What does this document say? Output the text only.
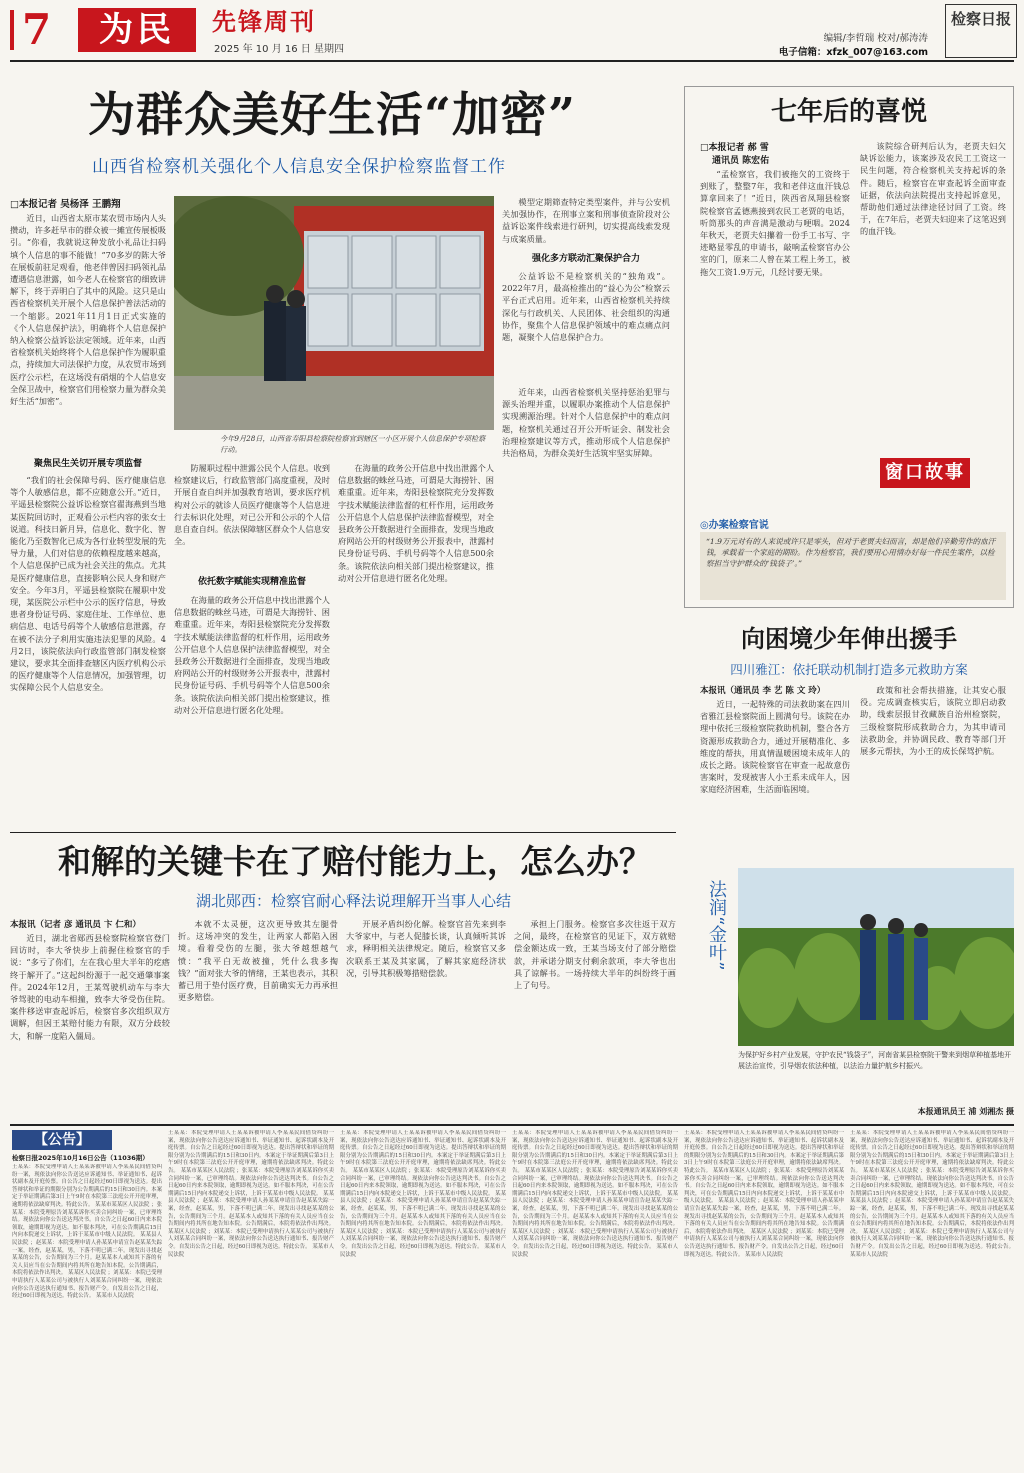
7	为民	先锋周刊
2025 年 10 月 16 日 星期四
编辑/李哲瑞 校对/郝涛涛
电子信箱：xfzk_007@163.com
检察日报
为群众美好生活“加密”
山西省检察机关强化个人信息安全保护检察监督工作
□本报记者 吴杨泽 王鹏翔

近日，山西省太原市某农贸市场内人头攒动，许多赶早市的群众被一摊宣传展板吸引。“你看，我就说这种发放小礼品让扫码填个人信息的事不能做！”70多岁的陈大爷在展板前驻足观看，他老伴曾因扫码领礼品遭遇信息泄露，如今老人在检察官的细致讲解下，终于弄明白了其中的风险。这只是山西省检察机关开展个人信息保护普法活动的一个缩影。2021年11月1日正式实施的《个人信息保护法》，明确将个人信息保护纳入检察公益诉讼法定领域。近年来，山西省检察机关始终将个人信息保护作为履职重点，持续加大司法保护力度，从农贸市场到医疗公示栏，在这场没有硝烟的个人信息安全保卫战中，检察官们用检察力量为群众美好生活“加密”。

聚焦民生关切开展专项监督

“我们的社会保障号码、医疗健康信息等个人敏感信息，都不应随意公开。”近日，平遥县检察院公益诉讼检察官翟海燕到当地某医院回访时，正观看公示栏内容的张女士说道。科技日新月异，信息化、数字化、智能化乃至数智化已成为各行业转型发展的先导力量，人们对信息的依赖程度越来越高，个人信息保护已成为社会关注的焦点。尤其是医疗健康信息，直接影响公民人身和财产安全。今年3月，平遥县检察院在履职中发现，某医院公示栏中公示的医疗信息，导致患者身份证号码、家庭住址、工作单位、患病信息、电话号码等个人敏感信息泄露，存在被不法分子利用实施违法犯罪的风险。4月2日，该院依法向行政监管部门制发检察建议，要求其全面排查辖区内医疗机构公示的医疗健康等个人信息情况，加强管理，切实保障公民个人信息安全。

今年9月28日，山西省寿阳县检察院检察官到辖区一小区开展个人信息保护专项检察行动。

防履职过程中泄露公民个人信息。收到检察建议后，行政监管部门高度重视，及时开展自查自纠并加强教育培训，要求医疗机构对公示的就诊人员医疗健康等个人信息进行去标识化处理，对已公开和公示的个人信息自查自纠。依法保障辖区群众个人信息安全。

依托数字赋能实现精准监督

在海量的政务公开信息中找出泄露个人信息数据的蛛丝马迹，可谓是大海捞针、困难重重。近年来，寿阳县检察院充分发挥数字技术赋能法律监督的杠杆作用，运用政务公开信息个人信息保护法律监督模型，对全县政务公开数据进行全面排查，发现当地政府网站公开的村级财务公开报表中，泄露村民身份证号码、手机号码等个人信息500余条。该院依法向相关部门提出检察建议，推动对公开信息进行匿名化处理。

在海量的政务公开信息中找出泄露个人信息数据的蛛丝马迹，可谓是大海捞针、困难重重。近年来，寿阳县检察院充分发挥数字技术赋能法律监督的杠杆作用，运用政务公开信息个人信息保护法律监督模型，对全县政务公开数据进行全面排查，发现当地政府网站公开的村级财务公开报表中，泄露村民身份证号码、手机号码等个人信息500余条。该院依法向相关部门提出检察建议，推动对公开信息进行匿名化处理。

模型定期筛查特定类型案件，并与公安机关加强协作，在刑事立案和刑事侦查阶段对公益诉讼案件线索进行研判，切实提高线索发现与成案质量。

强化多方联动汇聚保护合力

公益诉讼不是检察机关的“独角戏”。2022年7月，最高检推出的“益心为公”检察云平台正式启用。近年来，山西省检察机关持续深化与行政机关、人民团体、社会组织的沟通协作，聚焦个人信息保护领域中的难点痛点问题，凝聚个人信息保护合力。

近年来，山西省检察机关坚持惩治犯罪与源头治理并重，以履职办案推动个人信息保护实现溯源治理。针对个人信息保护中的难点问题，检察机关通过召开公开听证会、制发社会治理检察建议等方式，推动形成个人信息保护共治格局，为群众美好生活筑牢坚实屏障。

和解的关键卡在了赔付能力上，怎么办？
湖北郧西：检察官耐心释法说理解开当事人心结
本报讯（记者 彦 通讯员 卞 仁和）

近日，湖北省郧西县检察院检察官登门回访时，李大爷快步上前握住检察官的手说：“多亏了你们，左在我心里大半年的疙瘩终于解开了。”这起纠纷源于一起交通肇事案件。2024年12月，王某驾驶机动车与李大爷驾驶的电动车相撞，致李大爷受伤住院。案件移送审查起诉后，检察官多次组织双方调解，但因王某赔付能力有限，双方分歧较大，和解一度陷入僵局。

本就不太灵便，这次更导致其左腿骨折。这场冲突的发生，让两家人都陷入困境。看着受伤的左腿，张大爷越想越气愤：“我平白无故被撞，凭什么我多掏钱？”面对张大爷的情绪，王某也表示，其积蓄已用于垫付医疗费，目前确实无力再承担更多赔偿。

开展矛盾纠纷化解。检察官首先来到李大爷家中，与老人促膝长谈，认真倾听其诉求，释明相关法律规定。随后，检察官又多次联系王某及其家属，了解其家庭经济状况，引导其积极筹措赔偿款。

承担上门服务。检察官多次往返于双方之间，最终，在检察官的见证下，双方就赔偿金额达成一致，王某当场支付了部分赔偿款，并承诺分期支付剩余款项，李大爷也出具了谅解书。一场持续大半年的纠纷终于画上了句号。

七年后的喜悦
□本报记者 郝 雪
通讯员 陈宏佑

“孟检察官，我们被拖欠的工资终于到账了，整整7年，我和老伴这血汗钱总算拿回来了！”近日，陕西省凤翔县检察院检察官孟德燕接到农民工老贾的电话，听筒那头的声音满是激动与哽咽。2024年秋天，老贾夫妇攥着一份手工书写、字迹略显零乱的申请书，敲响孟检察官办公室的门，原来二人曾在某工程上务工，被拖欠工资1.9万元，几经讨要无果。

该院综合研判后认为，老贾夫妇欠缺诉讼能力，该案涉及农民工工资这一民生问题，符合检察机关支持起诉的条件。随后，检察官在审查起诉全面审查证据，依法向法院提出支持起诉意见，帮助他们通过法律途径讨回了工资。终于，在7年后，老贾夫妇迎来了这笔迟到的血汗钱。

窗口故事
◎办案检察官说
“1.9万元对有的人来说或许只是零头，但对于老贾夫妇而言，却是他们辛勤劳作的血汗钱，承载着一个家庭的期盼。作为检察官，我们要用心用情办好每一件民生案件，以检察担当守护群众的‘钱袋子’。”
向困境少年伸出援手
四川雅江：依托联动机制打造多元救助方案
本报讯（通讯员 李 艺 陈 文 玲）

近日，一起特殊的司法救助案在四川省雅江县检察院面上圆满句号。该院在办理中依托三级检察院救助机制，整合各方资源形成救助合力，通过开展精准化、多维度的帮扶，用真情温暖困境未成年人的成长之路。该院检察官在审查一起故意伤害案时，发现被害人小王系未成年人，因家庭经济困难，生活面临困境。

政策和社会帮扶措施，让其安心服役。完成调查核实后，该院立即启动救助，线索层报甘孜藏族自治州检察院，三级检察院形成救助合力，为其申请司法救助金，并协调民政、教育等部门开展多元帮扶，为小王的成长保驾护航。

法润“金叶”
为保护好乡村产业发展，守护农民“钱袋子”，河南省某县检察院干警来到烟草种植基地开展法治宣传，引导烟农依法种植，以法治力量护航乡村振兴。
本报通讯员王 浦 刘湘杰 摄
【公告】
检察日报2025年10月16日公告（11036期）
王某某：本院受理申请人王某某诉被申请人李某某民间借贷纠纷一案，现依法向你公告送达应诉通知书、举证通知书、起诉状副本及开庭传票。自公告之日起经过60日即视为送达。提出答辩状和举证的期限分别为公告期满后的15日和30日内。本案定于举证期满后第3日上午9时在本院第三法庭公开开庭审理，逾期将依法缺席判决。特此公告。 某某市某某区人民法院 ；张某某：本院受理原告刘某某诉你买卖合同纠纷一案，已审理终结。现依法向你公告送达判决书。自公告之日起60日内来本院领取，逾期即视为送达。如不服本判决，可在公告期满后15日内向本院递交上诉状，上诉于某某市中级人民法院。 某某县人民法院 ；赵某某：本院受理申请人孙某某申请宣告赵某某失踪一案，经查，赵某某，男，下落不明已满二年。现发出寻找赵某某的公告，公告期间为三个月。赵某某本人或知其下落的有关人员应当在公告期间内将其所在地告知本院。公告期满后，本院将依法作出判决。 某某区人民法院 ；刘某某：本院已受理申请执行人某某公司与被执行人刘某某合同纠纷一案，现依法向你公告送达执行通知书、报告财产令。自发出公告之日起，经过60日即视为送达。特此公告。 某某市人民法院
王某某：本院受理申请人王某某诉被申请人李某某民间借贷纠纷一案，现依法向你公告送达应诉通知书、举证通知书、起诉状副本及开庭传票。自公告之日起经过60日即视为送达。提出答辩状和举证的期限分别为公告期满后的15日和30日内。本案定于举证期满后第3日上午9时在本院第三法庭公开开庭审理，逾期将依法缺席判决。特此公告。 某某市某某区人民法院 ；张某某：本院受理原告刘某某诉你买卖合同纠纷一案，已审理终结。现依法向你公告送达判决书。自公告之日起60日内来本院领取，逾期即视为送达。如不服本判决，可在公告期满后15日内向本院递交上诉状，上诉于某某市中级人民法院。 某某县人民法院 ；赵某某：本院受理申请人孙某某申请宣告赵某某失踪一案，经查，赵某某，男，下落不明已满二年。现发出寻找赵某某的公告，公告期间为三个月。赵某某本人或知其下落的有关人员应当在公告期间内将其所在地告知本院。公告期满后，本院将依法作出判决。 某某区人民法院 ；刘某某：本院已受理申请执行人某某公司与被执行人刘某某合同纠纷一案，现依法向你公告送达执行通知书、报告财产令。自发出公告之日起，经过60日即视为送达。特此公告。 某某市人民法院
王某某：本院受理申请人王某某诉被申请人李某某民间借贷纠纷一案，现依法向你公告送达应诉通知书、举证通知书、起诉状副本及开庭传票。自公告之日起经过60日即视为送达。提出答辩状和举证的期限分别为公告期满后的15日和30日内。本案定于举证期满后第3日上午9时在本院第三法庭公开开庭审理，逾期将依法缺席判决。特此公告。 某某市某某区人民法院 ；张某某：本院受理原告刘某某诉你买卖合同纠纷一案，已审理终结。现依法向你公告送达判决书。自公告之日起60日内来本院领取，逾期即视为送达。如不服本判决，可在公告期满后15日内向本院递交上诉状，上诉于某某市中级人民法院。 某某县人民法院 ；赵某某：本院受理申请人孙某某申请宣告赵某某失踪一案，经查，赵某某，男，下落不明已满二年。现发出寻找赵某某的公告，公告期间为三个月。赵某某本人或知其下落的有关人员应当在公告期间内将其所在地告知本院。公告期满后，本院将依法作出判决。 某某区人民法院 ；刘某某：本院已受理申请执行人某某公司与被执行人刘某某合同纠纷一案，现依法向你公告送达执行通知书、报告财产令。自发出公告之日起，经过60日即视为送达。特此公告。 某某市人民法院
王某某：本院受理申请人王某某诉被申请人李某某民间借贷纠纷一案，现依法向你公告送达应诉通知书、举证通知书、起诉状副本及开庭传票。自公告之日起经过60日即视为送达。提出答辩状和举证的期限分别为公告期满后的15日和30日内。本案定于举证期满后第3日上午9时在本院第三法庭公开开庭审理，逾期将依法缺席判决。特此公告。 某某市某某区人民法院 ；张某某：本院受理原告刘某某诉你买卖合同纠纷一案，已审理终结。现依法向你公告送达判决书。自公告之日起60日内来本院领取，逾期即视为送达。如不服本判决，可在公告期满后15日内向本院递交上诉状，上诉于某某市中级人民法院。 某某县人民法院 ；赵某某：本院受理申请人孙某某申请宣告赵某某失踪一案，经查，赵某某，男，下落不明已满二年。现发出寻找赵某某的公告，公告期间为三个月。赵某某本人或知其下落的有关人员应当在公告期间内将其所在地告知本院。公告期满后，本院将依法作出判决。 某某区人民法院 ；刘某某：本院已受理申请执行人某某公司与被执行人刘某某合同纠纷一案，现依法向你公告送达执行通知书、报告财产令。自发出公告之日起，经过60日即视为送达。特此公告。 某某市人民法院
王某某：本院受理申请人王某某诉被申请人李某某民间借贷纠纷一案，现依法向你公告送达应诉通知书、举证通知书、起诉状副本及开庭传票。自公告之日起经过60日即视为送达。提出答辩状和举证的期限分别为公告期满后的15日和30日内。本案定于举证期满后第3日上午9时在本院第三法庭公开开庭审理，逾期将依法缺席判决。特此公告。 某某市某某区人民法院 ；张某某：本院受理原告刘某某诉你买卖合同纠纷一案，已审理终结。现依法向你公告送达判决书。自公告之日起60日内来本院领取，逾期即视为送达。如不服本判决，可在公告期满后15日内向本院递交上诉状，上诉于某某市中级人民法院。 某某县人民法院 ；赵某某：本院受理申请人孙某某申请宣告赵某某失踪一案，经查，赵某某，男，下落不明已满二年。现发出寻找赵某某的公告，公告期间为三个月。赵某某本人或知其下落的有关人员应当在公告期间内将其所在地告知本院。公告期满后，本院将依法作出判决。 某某区人民法院 ；刘某某：本院已受理申请执行人某某公司与被执行人刘某某合同纠纷一案，现依法向你公告送达执行通知书、报告财产令。自发出公告之日起，经过60日即视为送达。特此公告。 某某市人民法院
王某某：本院受理申请人王某某诉被申请人李某某民间借贷纠纷一案，现依法向你公告送达应诉通知书、举证通知书、起诉状副本及开庭传票。自公告之日起经过60日即视为送达。提出答辩状和举证的期限分别为公告期满后的15日和30日内。本案定于举证期满后第3日上午9时在本院第三法庭公开开庭审理，逾期将依法缺席判决。特此公告。 某某市某某区人民法院 ；张某某：本院受理原告刘某某诉你买卖合同纠纷一案，已审理终结。现依法向你公告送达判决书。自公告之日起60日内来本院领取，逾期即视为送达。如不服本判决，可在公告期满后15日内向本院递交上诉状，上诉于某某市中级人民法院。 某某县人民法院 ；赵某某：本院受理申请人孙某某申请宣告赵某某失踪一案，经查，赵某某，男，下落不明已满二年。现发出寻找赵某某的公告，公告期间为三个月。赵某某本人或知其下落的有关人员应当在公告期间内将其所在地告知本院。公告期满后，本院将依法作出判决。 某某区人民法院 ；刘某某：本院已受理申请执行人某某公司与被执行人刘某某合同纠纷一案，现依法向你公告送达执行通知书、报告财产令。自发出公告之日起，经过60日即视为送达。特此公告。 某某市人民法院
